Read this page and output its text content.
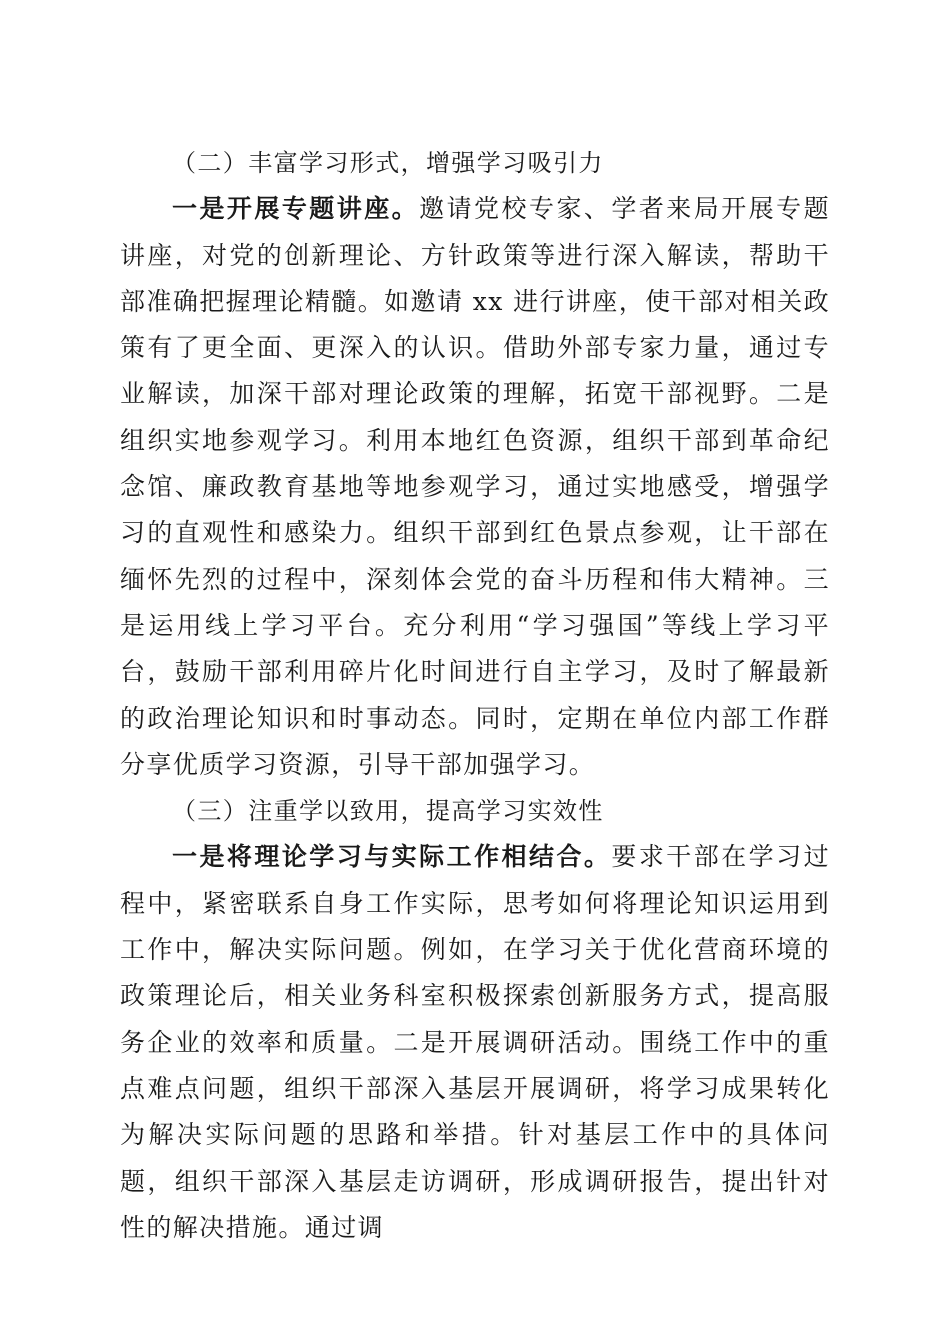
（二）丰富学习形式，增强学习吸引力

一是开展专题讲座。邀请党校专家、学者来局开展专题讲座，对党的创新理论、方针政策等进行深入解读，帮助干部准确把握理论精髓。如邀请 xx 进行讲座，使干部对相关政策有了更全面、更深入的认识。借助外部专家力量，通过专业解读，加深干部对理论政策的理解，拓宽干部视野。二是组织实地参观学习。利用本地红色资源，组织干部到革命纪念馆、廉政教育基地等地参观学习，通过实地感受，增强学习的直观性和感染力。组织干部到红色景点参观，让干部在缅怀先烈的过程中，深刻体会党的奋斗历程和伟大精神。三是运用线上学习平台。充分利用“学习强国”等线上学习平台，鼓励干部利用碎片化时间进行自主学习，及时了解最新的政治理论知识和时事动态。同时，定期在单位内部工作群分享优质学习资源，引导干部加强学习。

（三）注重学以致用，提高学习实效性

一是将理论学习与实际工作相结合。要求干部在学习过程中，紧密联系自身工作实际，思考如何将理论知识运用到工作中，解决实际问题。例如，在学习关于优化营商环境的政策理论后，相关业务科室积极探索创新服务方式，提高服务企业的效率和质量。二是开展调研活动。围绕工作中的重点难点问题，组织干部深入基层开展调研，将学习成果转化为解决实际问题的思路和举措。针对基层工作中的具体问题，组织干部深入基层走访调研，形成调研报告，提出针对性的解决措施。通过调
